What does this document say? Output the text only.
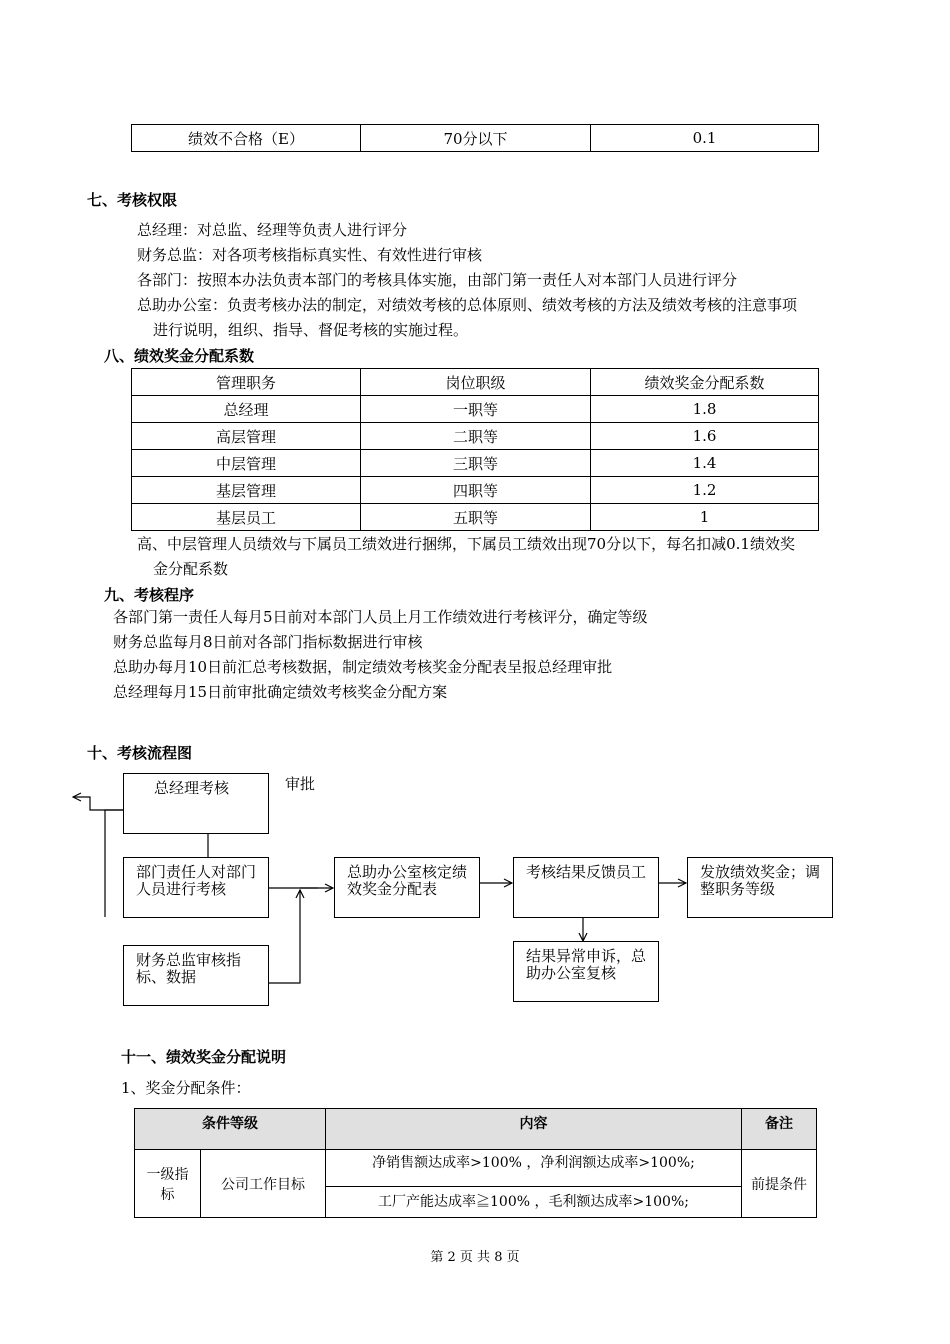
绩效不合格（E）	70分以下	0.1
七、考核权限
总经理：对总监、经理等负责人进行评分
财务总监：对各项考核指标真实性、有效性进行审核
各部门：按照本办法负责本部门的考核具体实施，由部门第一责任人对本部门人员进行评分
总助办公室：负责考核办法的制定，对绩效考核的总体原则、绩效考核的方法及绩效考核的注意事项
进行说明，组织、指导、督促考核的实施过程。
八、绩效奖金分配系数
管理职务	岗位职级	绩效奖金分配系数
总经理	一职等	1.8
高层管理	二职等	1.6
中层管理	三职等	1.4
基层管理	四职等	1.2
基层员工	五职等	1
高、中层管理人员绩效与下属员工绩效进行捆绑，下属员工绩效出现70分以下，每名扣减0.1绩效奖
金分配系数
九、考核程序
各部门第一责任人每月5日前对本部门人员上月工作绩效进行考核评分，确定等级
财务总监每月8日前对各部门指标数据进行审核
总助办每月10日前汇总考核数据，制定绩效考核奖金分配表呈报总经理审批
总经理每月15日前审批确定绩效考核奖金分配方案
十、考核流程图
总经理考核	审批
部门责任人对部门人员进行考核
财务总监审核指标、数据
总助办公室核定绩效奖金分配表
考核结果反馈员工	发放绩效奖金；调整职务等级
结果异常申诉，总助办公室复核
十一、绩效奖金分配说明
1、奖金分配条件：
条件等级		内容	备注
一级指标	公司工作目标	净销售额达成率>100% ，净利润额达成率>100%;	前提条件
		工厂产能达成率≧100% ，毛利额达成率>100%;	
第 2 页 共 8 页
